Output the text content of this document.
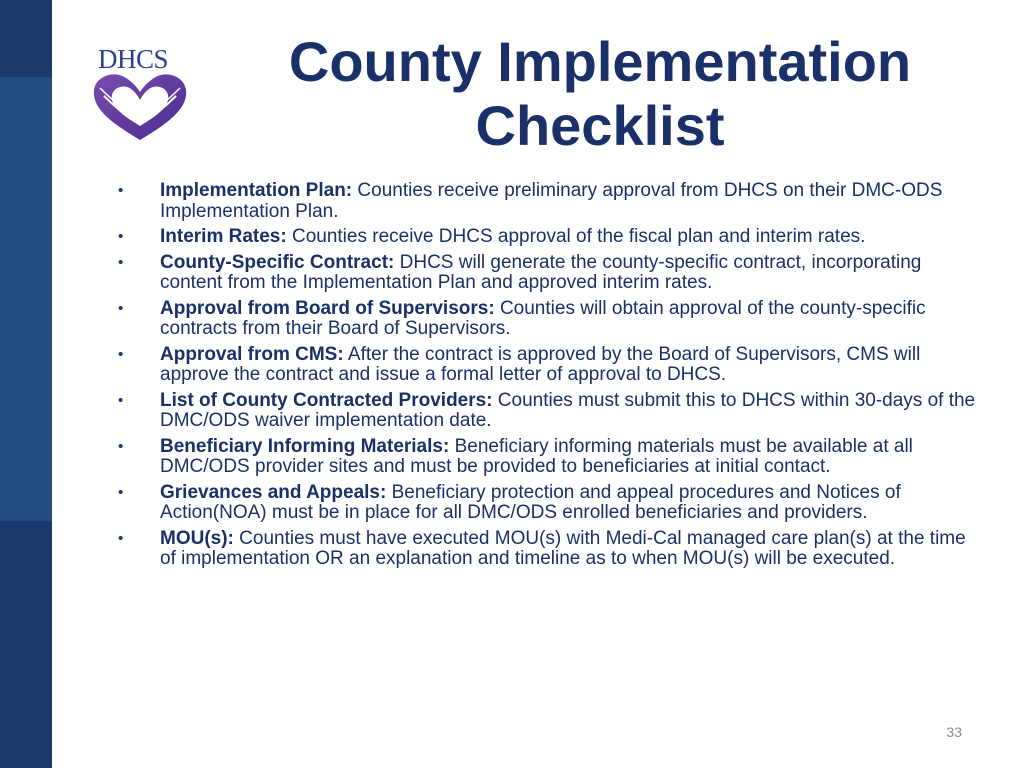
DHCS	County Implementation Checklist
• Implementation Plan: Counties receive preliminary approval from DHCS on their DMC-ODS Implementation Plan.
• Interim Rates: Counties receive DHCS approval of the fiscal plan and interim rates.
• County-Specific Contract: DHCS will generate the county-specific contract, incorporating content from the Implementation Plan and approved interim rates.
• Approval from Board of Supervisors: Counties will obtain approval of the county-specific contracts from their Board of Supervisors.
• Approval from CMS: After the contract is approved by the Board of Supervisors, CMS will approve the contract and issue a formal letter of approval to DHCS.
• List of County Contracted Providers: Counties must submit this to DHCS within 30-days of the DMC/ODS waiver implementation date.
• Beneficiary Informing Materials: Beneficiary informing materials must be available at all DMC/ODS provider sites and must be provided to beneficiaries at initial contact.
• Grievances and Appeals: Beneficiary protection and appeal procedures and Notices of Action(NOA) must be in place for all DMC/ODS enrolled beneficiaries and providers.
• MOU(s): Counties must have executed MOU(s) with Medi-Cal managed care plan(s) at the time of implementation OR an explanation and timeline as to when MOU(s) will be executed.
33
